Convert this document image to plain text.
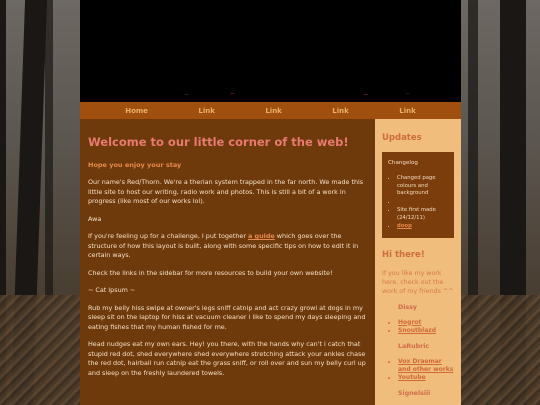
Home	Link	Link	Link	Link
Welcome to our little corner of the web!
Hope you enjoy your stay

Our name's Red/Thorn. We're a therian system trapped in the far north. We made this little site to host our writing, radio work and photos. This is still a bit of a work in progress (like most of our works lol).

Awa

If you're feeling up for a challenge, I put together a guide which goes over the structure of how this layout is built, along with some specific tips on how to edit it in certain ways.

Check the links in the sidebar for more resources to build your own website!

~ Cat Ipsum ~

Rub my belly hiss swipe at owner's legs sniff catnip and act crazy growl at dogs in my sleep sit on the laptop for hiss at vacuum cleaner i like to spend my days sleeping and eating fishes that my human fished for me.

Head nudges eat my own ears. Hey! you there, with the hands why can't i catch that stupid red dot, shed everywhere shed everywhere stretching attack your ankles chase the red dot, hairball run catnip eat the grass sniff, or roll over and sun my belly curl up and sleep on the freshly laundered towels.

Updates
Changelog
• Changed page colours and background
•
• Site first made (24/12/11)
• doop
Hi there!

If you like my work here, check out the work of my friends ^^

Dissy
• Hogrot
• Snoutblazd
LaRubric
• Vox Draemar and other works
• Youtube
Signelsiii
